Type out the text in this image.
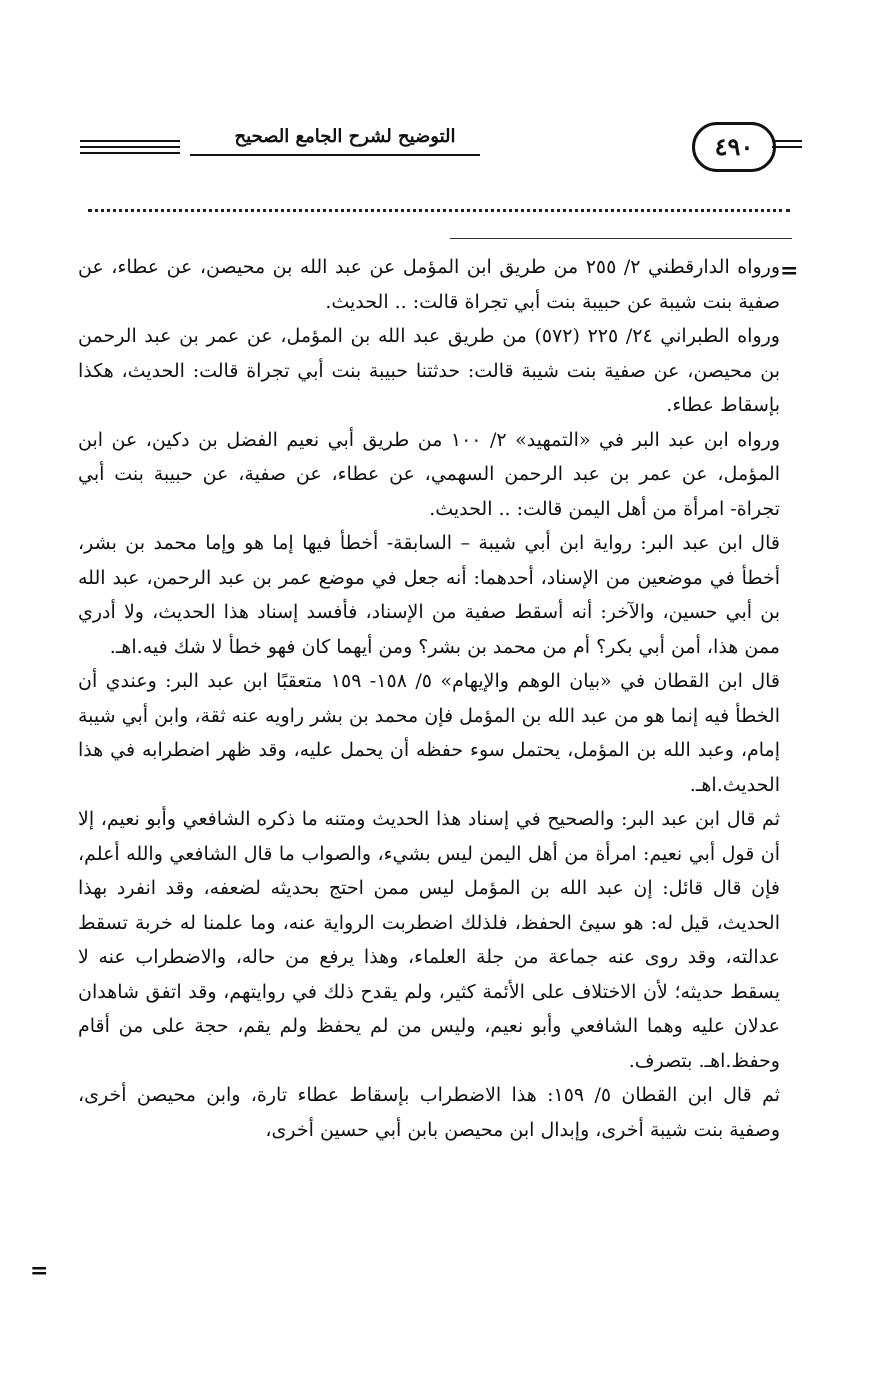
التوضيح لشرح الجامع الصحيح	٤٩٠
=

ورواه الدارقطني ٢/ ٢٥٥ من طريق ابن المؤمل عن عبد الله بن محيصن، عن عطاء، عن صفية بنت شيبة عن حبيبة بنت أبي تجراة قالت: .. الحديث.

ورواه الطبراني ٢٤/ ٢٢٥ (٥٧٢) من طريق عبد الله بن المؤمل، عن عمر بن عبد الرحمن بن محيصن، عن صفية بنت شيبة قالت: حدثتنا حبيبة بنت أبي تجراة قالت: الحديث، هكذا بإسقاط عطاء.

ورواه ابن عبد البر في «التمهيد» ٢/ ١٠٠ من طريق أبي نعيم الفضل بن دكين، عن ابن المؤمل، عن عمر بن عبد الرحمن السهمي، عن عطاء، عن صفية، عن حبيبة بنت أبي تجراة- امرأة من أهل اليمن قالت: .. الحديث.

قال ابن عبد البر: رواية ابن أبي شيبة – السابقة- أخطأ فيها إما هو وإما محمد بن بشر، أخطأ في موضعين من الإسناد، أحدهما: أنه جعل في موضع عمر بن عبد الرحمن، عبد الله بن أبي حسين، والآخر: أنه أسقط صفية من الإسناد، فأفسد إسناد هذا الحديث، ولا أدري ممن هذا، أمن أبي بكر؟ أم من محمد بن بشر؟ ومن أيهما كان فهو خطأ لا شك فيه.اهـ.

قال ابن القطان في «بيان الوهم والإيهام» ٥/ ١٥٨- ١٥٩ متعقبًا ابن عبد البر: وعندي أن الخطأ فيه إنما هو من عبد الله بن المؤمل فإن محمد بن بشر راويه عنه ثقة، وابن أبي شيبة إمام، وعبد الله بن المؤمل، يحتمل سوء حفظه أن يحمل عليه، وقد ظهر اضطرابه في هذا الحديث.اهـ.

ثم قال ابن عبد البر: والصحيح في إسناد هذا الحديث ومتنه ما ذكره الشافعي وأبو نعيم، إلا أن قول أبي نعيم: امرأة من أهل اليمن ليس بشيء، والصواب ما قال الشافعي والله أعلم، فإن قال قائل: إن عبد الله بن المؤمل ليس ممن احتج بحديثه لضعفه، وقد انفرد بهذا الحديث، قيل له: هو سيئ الحفظ، فلذلك اضطربت الرواية عنه، وما علمنا له خربة تسقط عدالته، وقد روى عنه جماعة من جلة العلماء، وهذا يرفع من حاله، والاضطراب عنه لا يسقط حديثه؛ لأن الاختلاف على الأئمة كثير، ولم يقدح ذلك في روايتهم، وقد اتفق شاهدان عدلان عليه وهما الشافعي وأبو نعيم، وليس من لم يحفظ ولم يقم، حجة على من أقام وحفظ.اهـ. بتصرف.

ثم قال ابن القطان ٥/ ١٥٩: هذا الاضطراب بإسقاط عطاء تارة، وابن محيصن أخرى، وصفية بنت شيبة أخرى، وإبدال ابن محيصن بابن أبي حسين أخرى،

=
